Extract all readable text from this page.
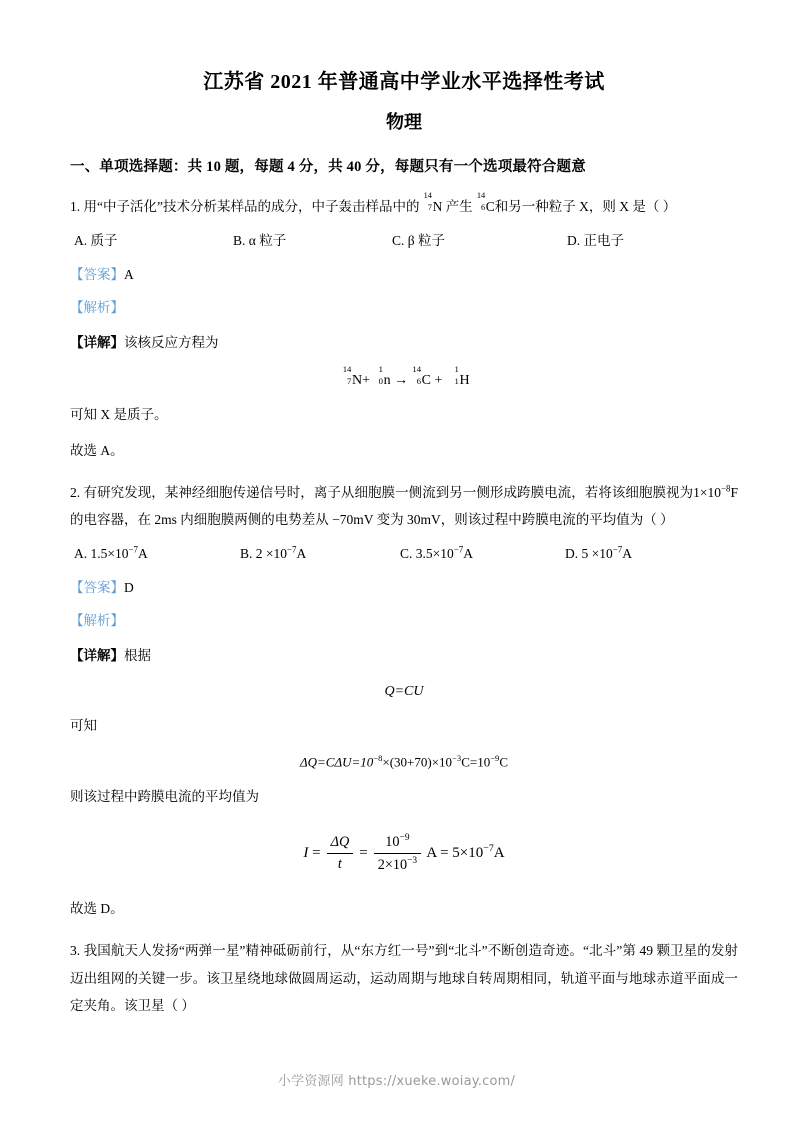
江苏省 2021 年普通高中学业水平选择性考试
物理
一、单项选择题：共 10 题，每题 4 分，共 40 分，每题只有一个选项最符合题意
1. 用“中子活化”技术分析某样品的成分，中子轰击样品中的
14
7 N 产生
14
6 C和另一种粒子 X，则 X 是（ ）
A. 质子	B. α 粒子	C. β 粒子	D. 正电子
【答案】A
【解析】
【详解】该核反应方程为
14
7 N+
1
0 n →
14
6 C +
1
1 H
可知 X 是质子。
故选 A。
2. 有研究发现，某神经细胞传递信号时，离子从细胞膜一侧流到另一侧形成跨膜电流，若将该细胞膜视为$1\times 10^{-8}F$ 的电容器，在 2ms 内细胞膜两侧的电势差从 −70mV 变为 30mV，则该过程中跨膜电流的平均值为（ ）
A. $1.5\times 10^{-7}A$	B. $2 \times 10^{-7}A$	C. $3.5\times 10^{-7}A$	D. $5 \times 10^{-7}A$
【答案】D
【解析】
【详解】根据
Q=CU
可知
$\Delta Q=C\Delta U=10^{-8}\times(30+70)\times 10^{-3}C=10^{-9}C$
则该过程中跨膜电流的平均值为
$I = \frac{\Delta Q}{t} = \frac{10^{-9}}{2\times 10^{-3}}$ $A = 5\times 10^{-7}A$
故选 D。
3. 我国航天人发扬“两弹一星”精神砥砺前行，从“东方红一号”到“北斗”不断创造奇迹。“北斗”第 49 颗卫星的发射迈出组网的关键一步。该卫星绕地球做圆周运动，运动周期与地球自转周期相同，轨道平面与地球赤道平面成一定夹角。该卫星（ ）
小学资源网 https://xueke.woiay.com/
